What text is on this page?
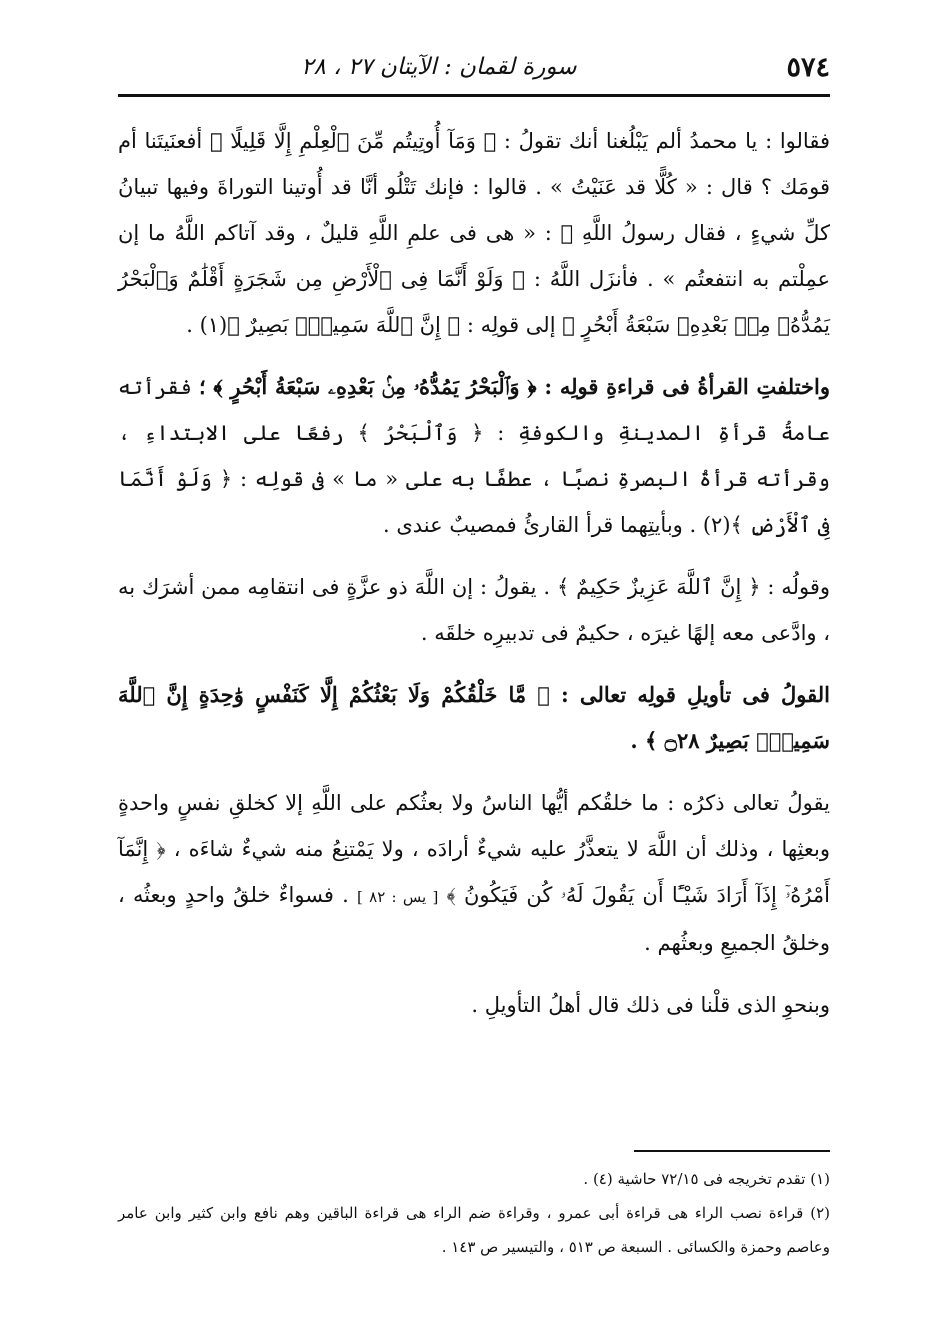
٥٧٤
سورة لقمان : الآيتان ٢٧ ، ٢٨

فقالوا : يا محمدُ ألم يَبْلُغنا أنك تقولُ : ﴿ وَمَآ أُوتِيتُم مِّنَ ٱلْعِلْمِ إِلَّا قَلِيلًا ﴾ أفعنَيتَنا أم قومَك ؟ قال : « كُلًّا قد عَنَيْتُ » . قالوا : فإنك تَتْلُو أنَّا قد أُوتينا التوراةَ وفيها تبيانُ كلِّ شيءٍ ، فقال رسولُ اللَّهِ ﷺ : « هى فى علمِ اللَّهِ قليلٌ ، وقد آتاكم اللَّهُ ما إن عمِلْتم به انتفعتُم » . فأنزَل اللَّهُ : ﴿ وَلَوْ أَنَّمَا فِى ٱلْأَرْضِ مِن شَجَرَةٍ أَقْلَٰمٌ وَٱلْبَحْرُ يَمُدُّهُۥ مِنۢ بَعْدِهِۦ سَبْعَةُ أَبْحُرٍ ﴾ إلى قولِه : ﴿ إِنَّ ٱللَّهَ سَمِيعٌۢ بَصِيرٌ ﴾(١) .

واختلفتِ القرأةُ فى قراءةِ قولِه : ﴿ وَٱلْبَحْرُ يَمُدُّهُۥ مِنۢ بَعْدِهِۦ سَبْعَةُ أَبْحُرٍ ﴾ ؛ فقرأته عامةُ قرأةِ المدينةِ والكوفةِ : ﴿ وَٱلْبَحْرُ ﴾ رفعًا على الابتداءِ ، وقرأته قرأةُ البصرةِ نصبًا ، عطفًا به على « ما » فى قولِه : ﴿ وَلَوْ أَنَّمَا فِى ٱلْأَرْضِ ﴾(٢) . وبأيتِهما قرأ القارئُ فمصيبٌ عندى .

وقولُه : ﴿ إِنَّ ٱللَّهَ عَزِيزٌ حَكِيمٌ ﴾ . يقولُ : إن اللَّهَ ذو عزَّةٍ فى انتقامِه ممن أشرَك به ، وادَّعى معه إلهًا غيرَه ، حكيمٌ فى تدبيرِه خلقَه .

القولُ فى تأويلِ قولِه تعالى : ﴿ مَّا خَلْقُكُمْ وَلَا بَعْثُكُمْ إِلَّا كَنَفْسٍ وَٰحِدَةٍ إِنَّ ٱللَّهَ سَمِيعٌۢ بَصِيرٌ ۝٢٨ ﴾ .

يقولُ تعالى ذكرُه : ما خلقُكم أيُّها الناسُ ولا بعثُكم على اللَّهِ إلا كخلقِ نفسٍ واحدةٍ وبعثِها ، وذلك أن اللَّهَ لا يتعذَّرُ عليه شيءٌ أرادَه ، ولا يَمْتنِعُ منه شيءٌ شاءَه ، ﴿ إِنَّمَآ أَمْرُهُۥٓ إِذَآ أَرَادَ شَيْـًٔا أَن يَقُولَ لَهُۥ كُن فَيَكُونُ ﴾ [ يس : ٨٢ ] . فسواءٌ خلقُ واحدٍ وبعثُه ، وخلقُ الجميعِ وبعثُهم .

وبنحوِ الذى قلْنا فى ذلك قال أهلُ التأويلِ .

(١) تقدم تخريجه فى ٧٢/١٥ حاشية (٤) .

(٢) قراءة نصب الراء هى قراءة أبى عمرو ، وقراءة ضم الراء هى قراءة الباقين وهم نافع وابن كثير وابن عامر وعاصم وحمزة والكسائى . السبعة ص ٥١٣ ، والتيسير ص ١٤٣ .
